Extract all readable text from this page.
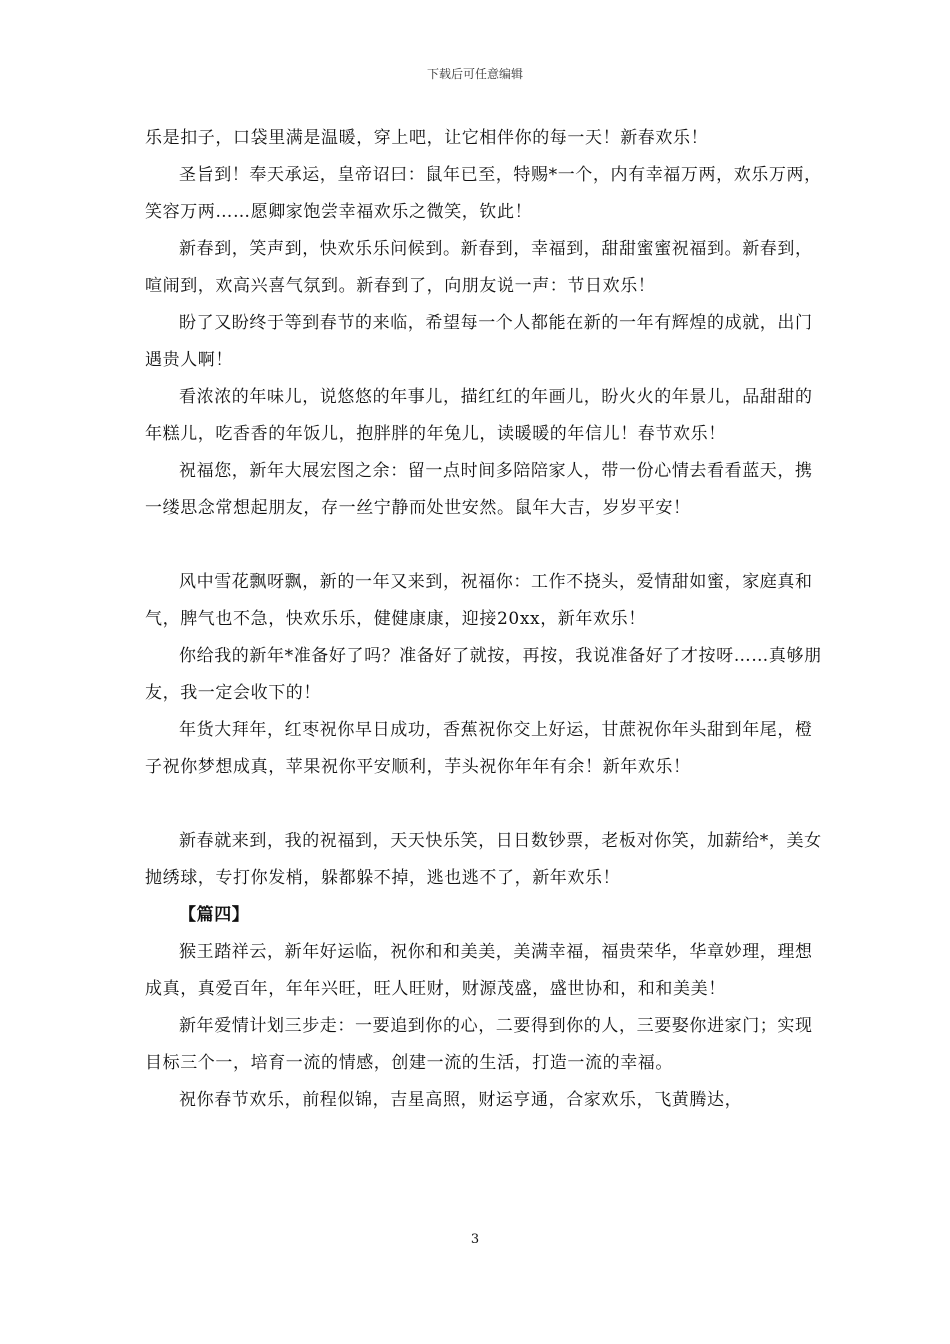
下载后可任意编辑

乐是扣子，口袋里满是温暖，穿上吧，让它相伴你的每一天！新春欢乐！

圣旨到！奉天承运，皇帝诏曰：鼠年已至，特赐*一个，内有幸福万两，欢乐万两，笑容万两……愿卿家饱尝幸福欢乐之微笑，钦此！

新春到，笑声到，快欢乐乐问候到。新春到，幸福到，甜甜蜜蜜祝福到。新春到，喧闹到，欢高兴喜气氛到。新春到了，向朋友说一声：节日欢乐！

盼了又盼终于等到春节的来临，希望每一个人都能在新的一年有辉煌的成就，出门遇贵人啊！

看浓浓的年味儿，说悠悠的年事儿，描红红的年画儿，盼火火的年景儿，品甜甜的年糕儿，吃香香的年饭儿，抱胖胖的年兔儿，读暖暖的年信儿！春节欢乐！

祝福您，新年大展宏图之余：留一点时间多陪陪家人，带一份心情去看看蓝天，携一缕思念常想起朋友，存一丝宁静而处世安然。鼠年大吉，岁岁平安！

风中雪花飘呀飘，新的一年又来到，祝福你：工作不挠头，爱情甜如蜜，家庭真和气，脾气也不急，快欢乐乐，健健康康，迎接20xx，新年欢乐！

你给我的新年*准备好了吗？准备好了就按，再按，我说准备好了才按呀……真够朋友，我一定会收下的！

年货大拜年，红枣祝你早日成功，香蕉祝你交上好运，甘蔗祝你年头甜到年尾，橙子祝你梦想成真，苹果祝你平安顺利，芋头祝你年年有余！新年欢乐！

新春就来到，我的祝福到，天天快乐笑，日日数钞票，老板对你笑，加薪给*，美女抛绣球，专打你发梢，躲都躲不掉，逃也逃不了，新年欢乐！

【篇四】

猴王踏祥云，新年好运临，祝你和和美美，美满幸福，福贵荣华，华章妙理，理想成真，真爱百年，年年兴旺，旺人旺财，财源茂盛，盛世协和，和和美美！

新年爱情计划三步走：一要追到你的心，二要得到你的人，三要娶你进家门；实现目标三个一，培育一流的情感，创建一流的生活，打造一流的幸福。

祝你春节欢乐，前程似锦，吉星高照，财运亨通，合家欢乐，飞黄腾达，

3
